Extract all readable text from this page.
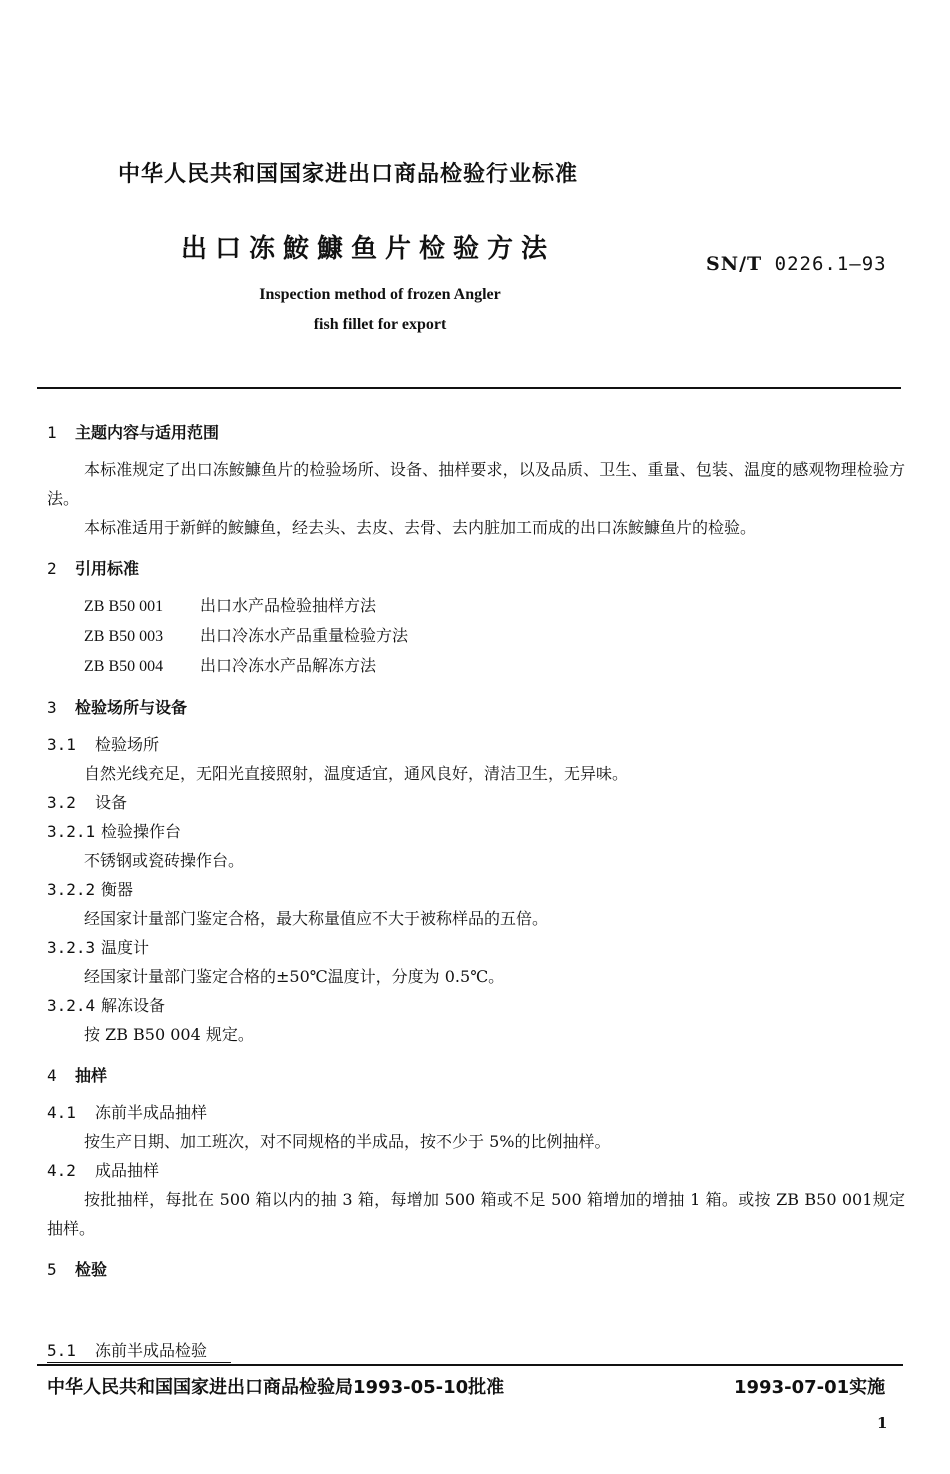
中华人民共和国国家进出口商品检验行业标准
出口冻鮟鱇鱼片检验方法	SN/T 0226.1—93
Inspection method of frozen Angler
fish fillet for export
1 主题内容与适用范围
本标准规定了出口冻鮟鱇鱼片的检验场所、设备、抽样要求，以及品质、卫生、重量、包装、温度的感观物理检验方法。
本标准适用于新鲜的鮟鱇鱼，经去头、去皮、去骨、去内脏加工而成的出口冻鮟鱇鱼片的检验。
2 引用标准
ZB B50 001 出口水产品检验抽样方法
ZB B50 003 出口冷冻水产品重量检验方法
ZB B50 004 出口冷冻水产品解冻方法
3 检验场所与设备
3.1 检验场所
自然光线充足，无阳光直接照射，温度适宜，通风良好，清洁卫生，无异味。
3.2 设备
3.2.1 检验操作台
不锈钢或瓷砖操作台。
3.2.2 衡器
经国家计量部门鉴定合格，最大称量值应不大于被称样品的五倍。
3.2.3 温度计
经国家计量部门鉴定合格的±50℃温度计，分度为 0.5℃。
3.2.4 解冻设备
按 ZB B50 004 规定。
4 抽样
4.1 冻前半成品抽样
按生产日期、加工班次，对不同规格的半成品，按不少于 5%的比例抽样。
4.2 成品抽样
按批抽样，每批在 500 箱以内的抽 3 箱，每增加 500 箱或不足 500 箱增加的增抽 1 箱。或按 ZB B50 001规定抽样。
5 检验
5.1 冻前半成品检验
中华人民共和国国家进出口商品检验局1993-05-10批准	1993-07-01实施
1
